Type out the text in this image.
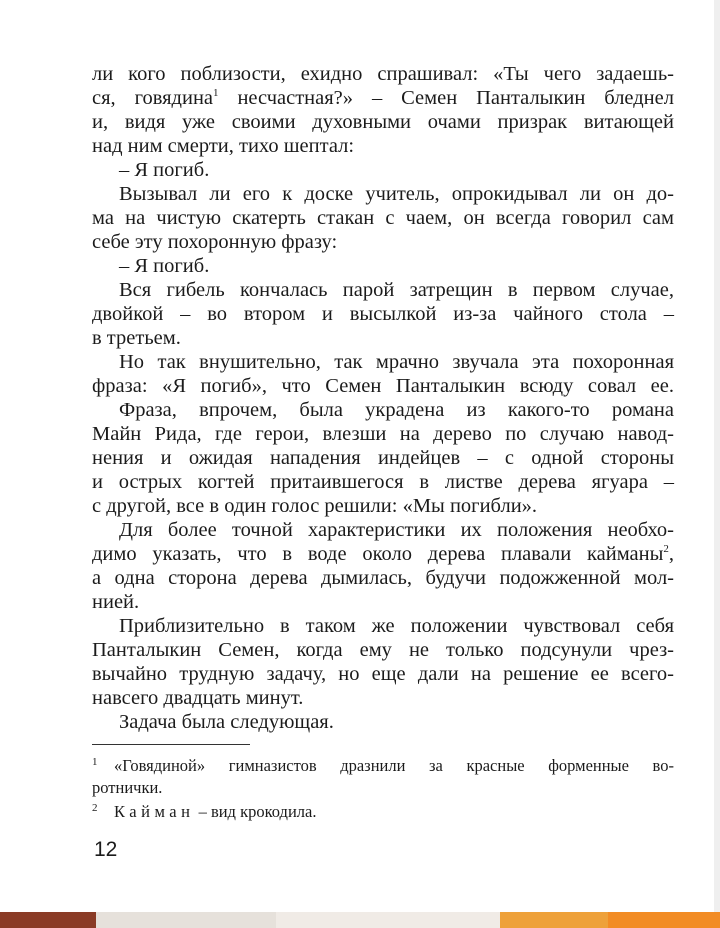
ли кого поблизости, ехидно спрашивал: «Ты чего задаешь-
ся, говядина$^1$ несчастная?» – Семен Панталыкин бледнел
и, видя уже своими духовными очами призрак витающей
над ним смерти, тихо шептал:
– Я погиб.
Вызывал ли его к доске учитель, опрокидывал ли он до-
ма на чистую скатерть стакан с чаем, он всегда говорил сам
себе эту похоронную фразу:
– Я погиб.
Вся гибель кончалась парой затрещин в первом случае,
двойкой – во втором и высылкой из-за чайного стола –
в третьем.
Но так внушительно, так мрачно звучала эта похоронная
фраза: «Я погиб», что Семен Панталыкин всюду совал ее.
Фраза, впрочем, была украдена из какого-то романа
Майн Рида, где герои, влезши на дерево по случаю навод-
нения и ожидая нападения индейцев – с одной стороны
и острых когтей притаившегося в листве дерева ягуара –
с другой, все в один голос решили: «Мы погибли».
Для более точной характеристики их положения необхо-
димо указать, что в воде около дерева плавали кайманы$^2$,
а одна сторона дерева дымилась, будучи подожженной мол-
нией.
Приблизительно в таком же положении чувствовал себя
Панталыкин Семен, когда ему не только подсунули чрез-
вычайно трудную задачу, но еще дали на решение ее всего-
навсего двадцать минут.
Задача была следующая.
1 «Говядиной» гимназистов дразнили за красные форменные во-
ротнички.
2 Кайман – вид крокодила.
12
